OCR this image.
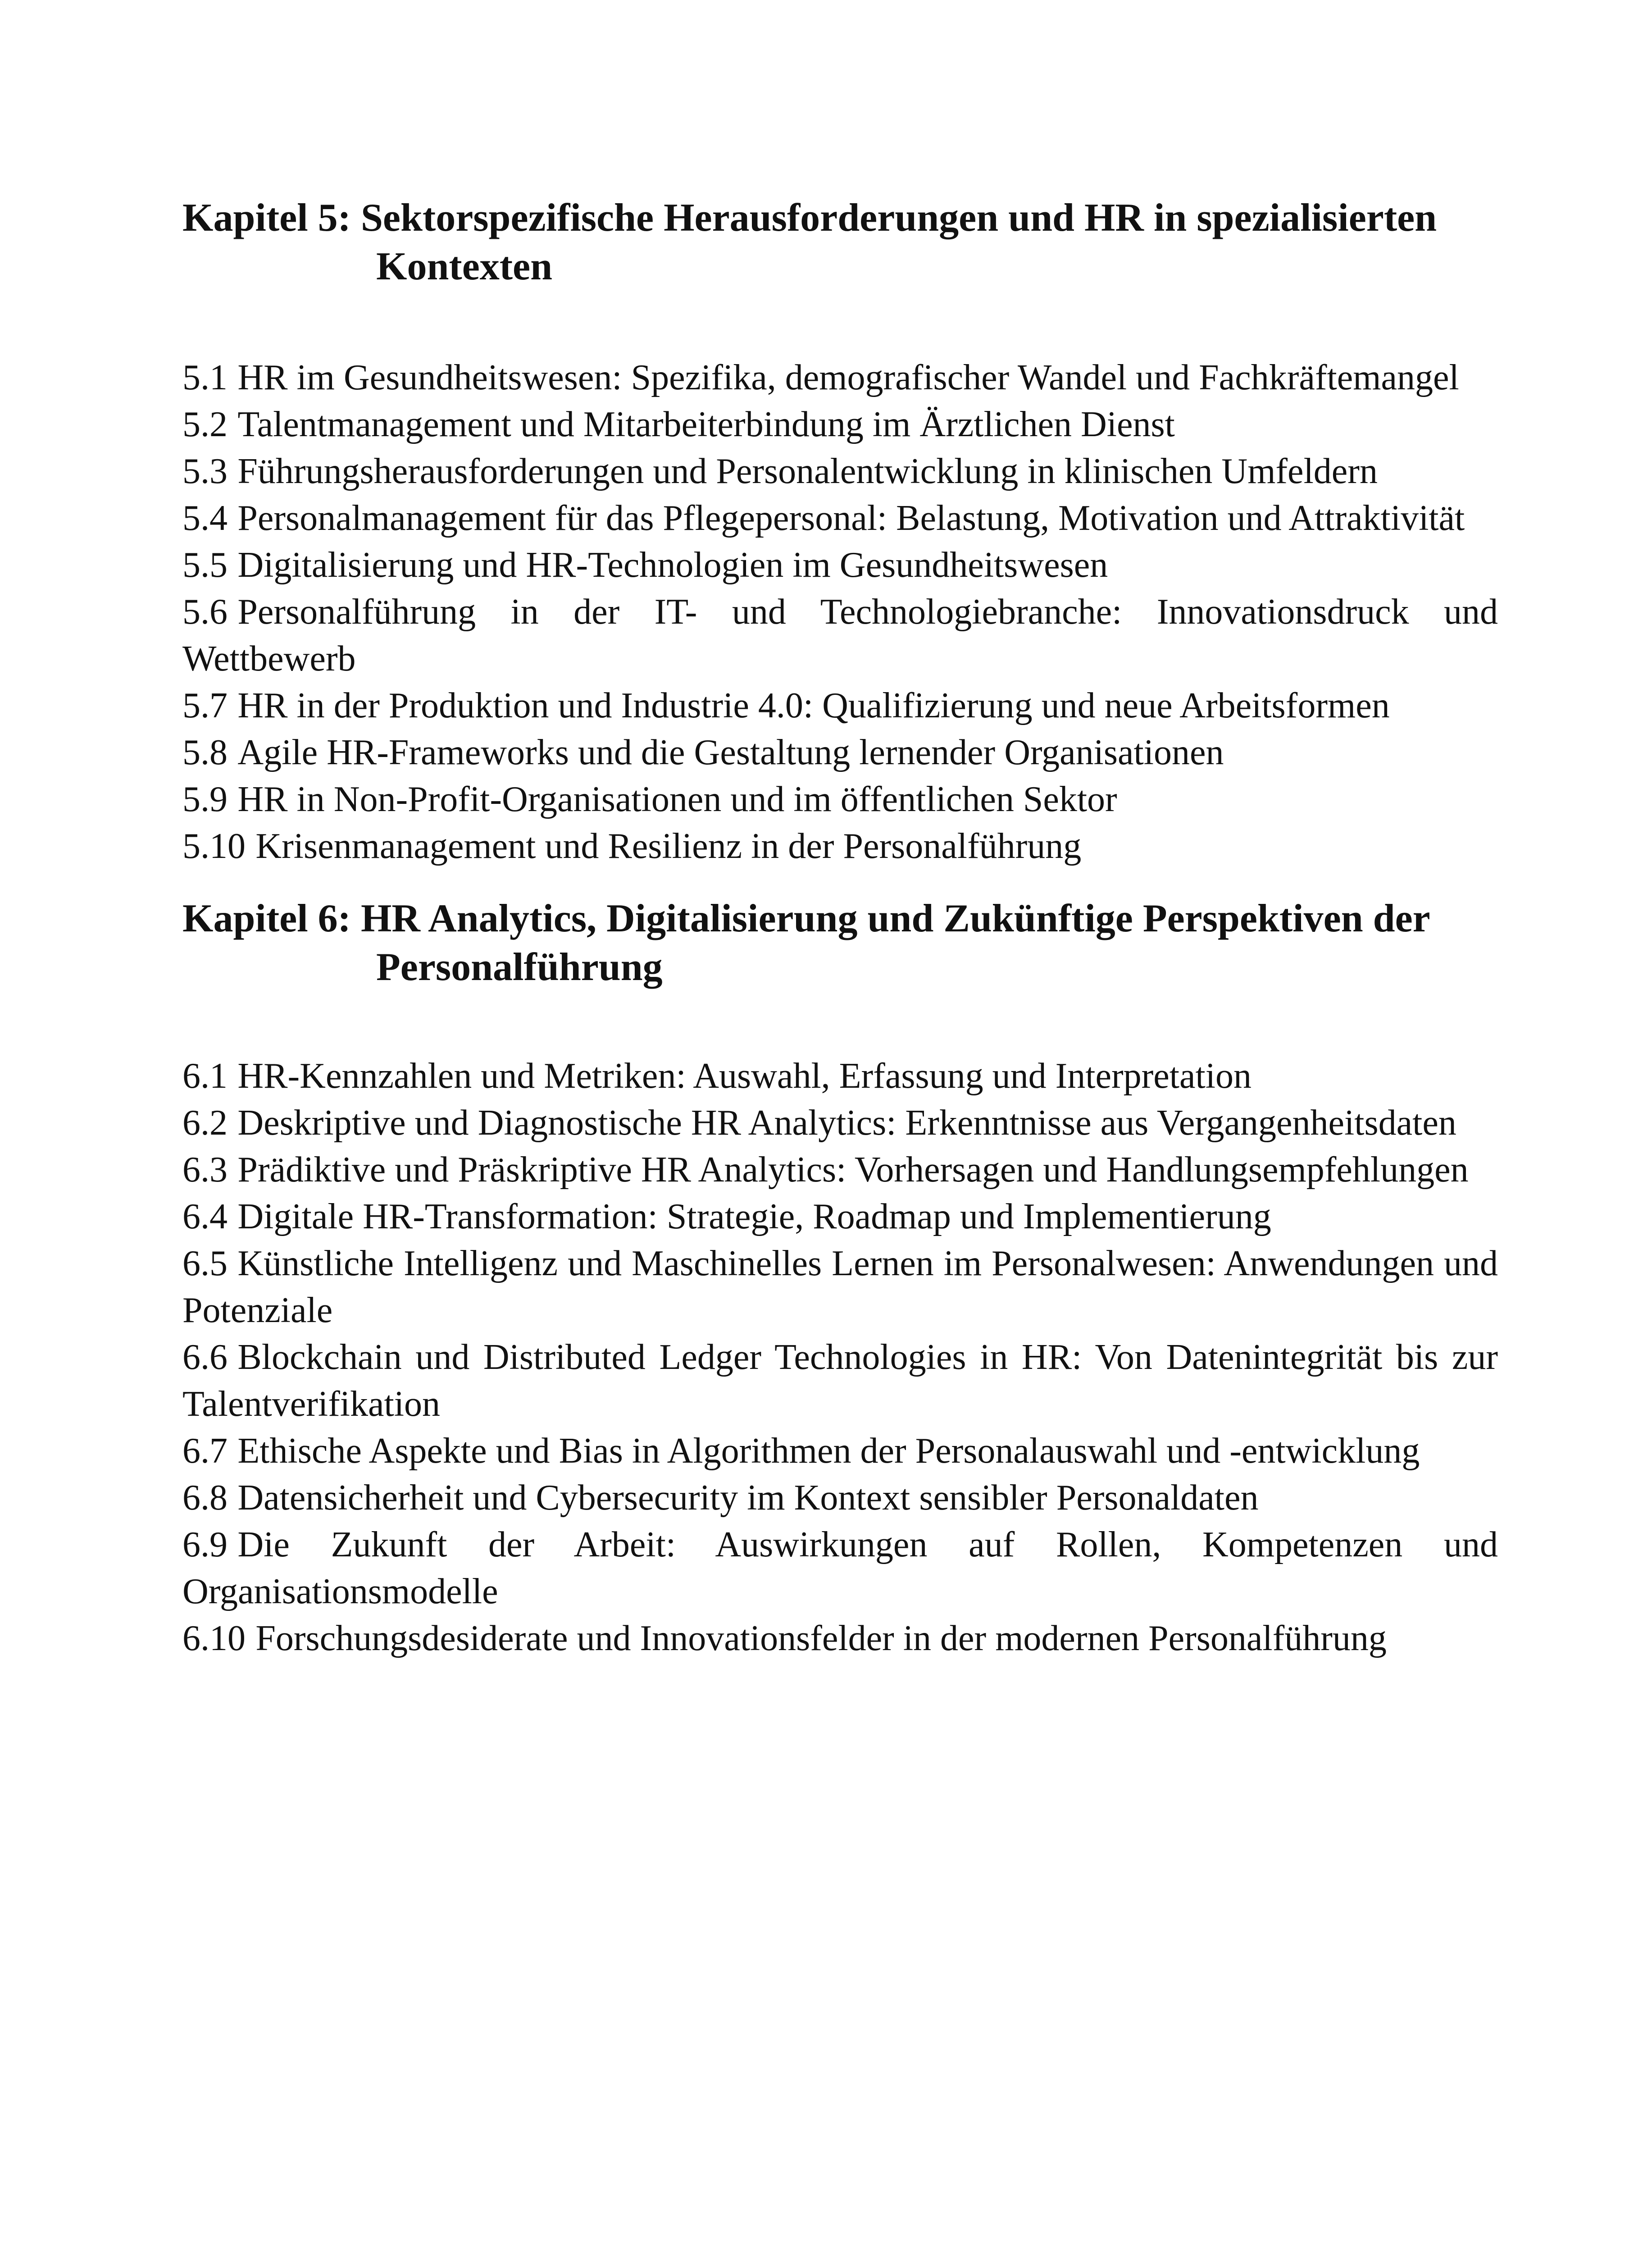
Kapitel 5: Sektorspezifische Herausforderungen und HR in spezialisierten Kontexten
5.1 HR im Gesundheitswesen: Spezifika, demografischer Wandel und Fachkräftemangel
5.2 Talentmanagement und Mitarbeiterbindung im Ärztlichen Dienst
5.3 Führungsherausforderungen und Personalentwicklung in klinischen Umfeldern
5.4 Personalmanagement für das Pflegepersonal: Belastung, Motivation und Attraktivität
5.5 Digitalisierung und HR-Technologien im Gesundheitswesen
5.6 Personalführung in der IT- und Technologiebranche: Innovationsdruck und Wettbewerb
5.7 HR in der Produktion und Industrie 4.0: Qualifizierung und neue Arbeitsformen
5.8 Agile HR-Frameworks und die Gestaltung lernender Organisationen
5.9 HR in Non-Profit-Organisationen und im öffentlichen Sektor
5.10 Krisenmanagement und Resilienz in der Personalführung
Kapitel 6: HR Analytics, Digitalisierung und Zukünftige Perspektiven der Personalführung
6.1 HR-Kennzahlen und Metriken: Auswahl, Erfassung und Interpretation
6.2 Deskriptive und Diagnostische HR Analytics: Erkenntnisse aus Vergangenheitsdaten
6.3 Prädiktive und Präskriptive HR Analytics: Vorhersagen und Handlungsempfehlungen
6.4 Digitale HR-Transformation: Strategie, Roadmap und Implementierung
6.5 Künstliche Intelligenz und Maschinelles Lernen im Personalwesen: Anwendungen und Potenziale
6.6 Blockchain und Distributed Ledger Technologies in HR: Von Datenintegrität bis zur Talentverifikation
6.7 Ethische Aspekte und Bias in Algorithmen der Personalauswahl und -entwicklung
6.8 Datensicherheit und Cybersecurity im Kontext sensibler Personaldaten
6.9 Die Zukunft der Arbeit: Auswirkungen auf Rollen, Kompetenzen und Organisationsmodelle
6.10 Forschungsdesiderate und Innovationsfelder in der modernen Personalführung
